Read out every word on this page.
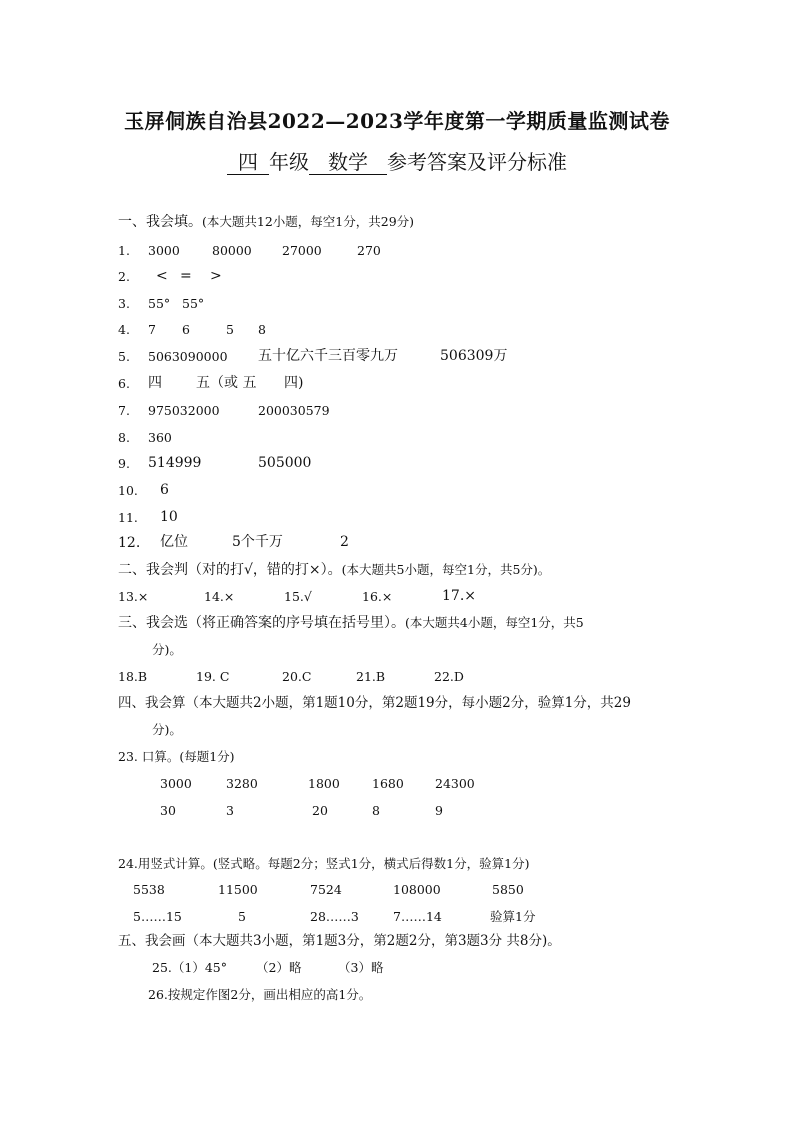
玉屏侗族自治县2022—2023学年度第一学期质量监测试卷
四 年级 数学 参考答案及评分标准
一、我会填。(本大题共12小题，每空1分，共29分)
1. 3000	80000 27000	270
2. < = >
3. 55° 55°
4. 7 6	5 8
5. 5063090000 五十亿六千三百零九万	506309万
6. 四 五（或 五 四)
7. 975032000	200030579
8. 360
9. 514999	505000
10. 6
11. 10
12. 亿位	5个千万	2
二、我会判（对的打√，错的打×）。(本大题共5小题，每空1分，共5分)。
13.×	14.×	15.√	16.×	17.×
三、我会选（将正确答案的序号填在括号里）。(本大题共4小题，每空1分，共5
分)。
18.B	19. C	20.C	21.B	22.D
四、我会算（本大题共2小题，第1题10分，第2题19分，每小题2分，验算1分，共29
分)。
23. 口算。(每题1分)
3000	3280	1800	1680 24300
30	3	20	8	9
24.用竖式计算。(竖式略。每题2分；竖式1分，横式后得数1分，验算1分)
5538	11500	7524	108000	5850
5……15	5	28……3	7……14	验算1分
五、我会画（本大题共3小题，第1题3分，第2题2分，第3题3分 共8分)。
25.（1）45° （2）略	（3）略
26.按规定作图2分，画出相应的高1分。
